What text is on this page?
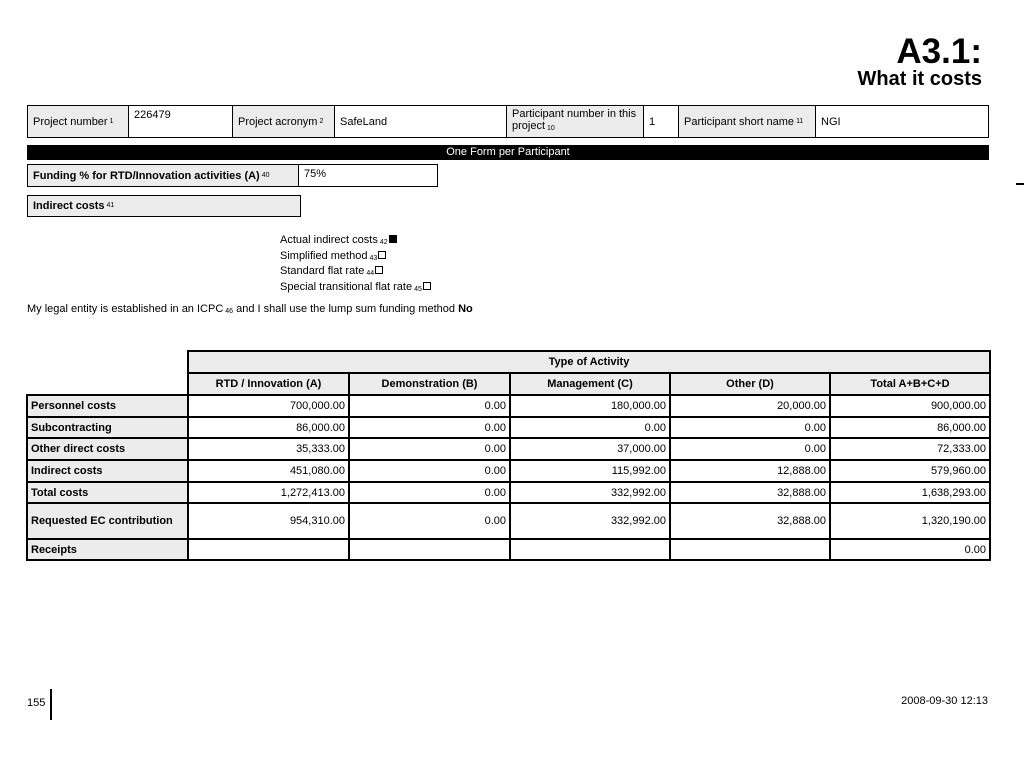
A3.1:
What it costs
Project number 1	226479
Project acronym 2	SafeLand
Participant number in this project 10
1	Participant short name 11	NGI
One Form per Participant
Funding % for RTD/Innovation activities (A) 40	75%
Indirect costs 41
Actual indirect costs 42
Simplified method 43
Standard flat rate 44
Special transitional flat rate 45
My legal entity is established in an ICPC 46 and I shall use the lump sum funding method No
	Type of Activity				
	RTD / Innovation (A)	Demonstration (B)	Management (C)	Other (D)	Total A+B+C+D
Personnel costs	700,000.00	0.00	180,000.00	20,000.00	900,000.00
Subcontracting	86,000.00	0.00	0.00	0.00	86,000.00
Other direct costs	35,333.00	0.00	37,000.00	0.00	72,333.00
Indirect costs	451,080.00	0.00	115,992.00	12,888.00	579,960.00
Total costs	1,272,413.00	0.00	332,992.00	32,888.00	1,638,293.00
Requested EC contribution	954,310.00	0.00	332,992.00	32,888.00	1,320,190.00
Receipts					0.00
155	2008-09-30 12:13
